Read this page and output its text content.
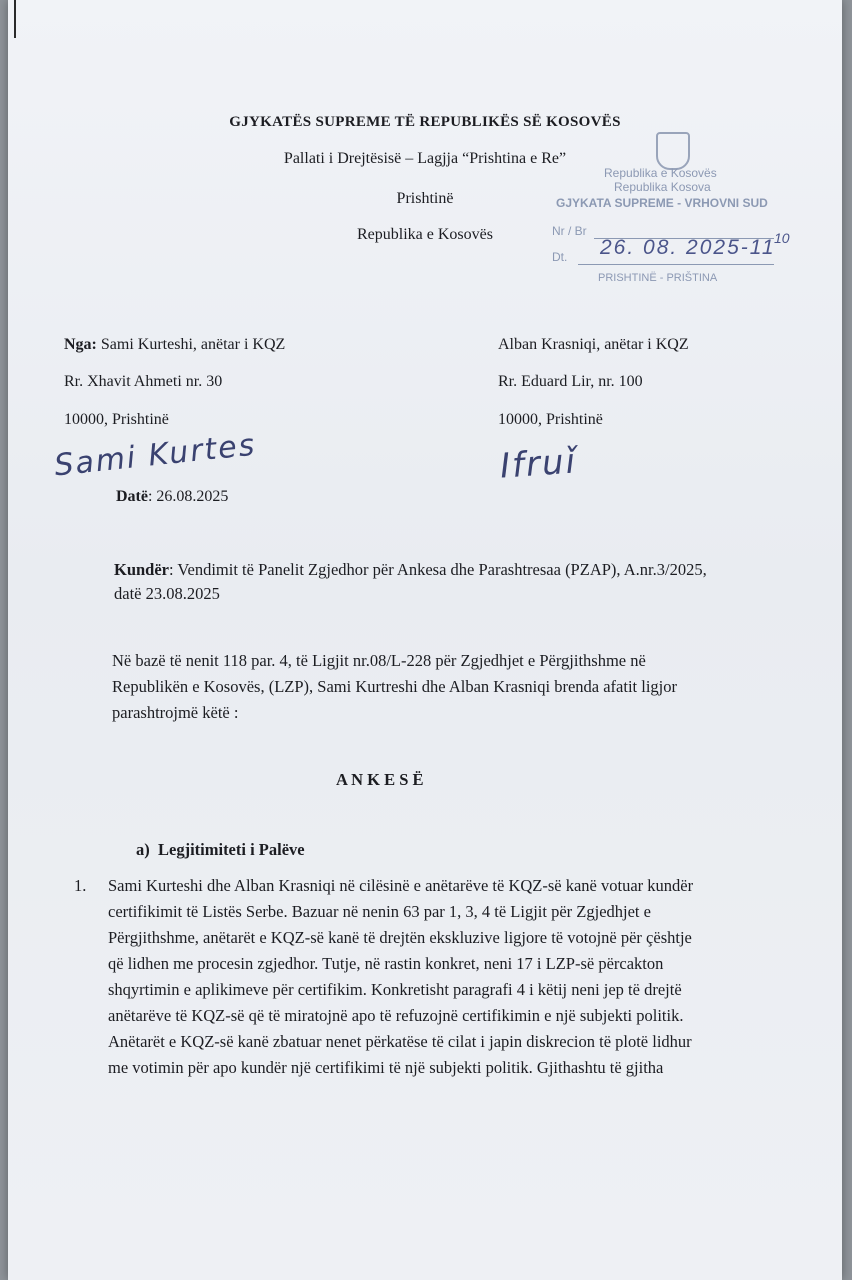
GJYKATËS SUPREME TË REPUBLIKËS SË KOSOVËS
Pallati i Drejtësisë – Lagjja “Prishtina e Re”
Prishtinë
Republika e Kosovës
Republika e Kosovës
Republika Kosova
GJYKATA SUPREME - VRHOVNI SUD
Nr / Br
Dt. 26. 08. 2025-11
10
PRISHTINË - PRIŠTINA
Nga: Sami Kurteshi, anëtar i KQZ
Rr. Xhavit Ahmeti nr. 30
10000, Prishtinë
Sami Kurtes
Datë: 26.08.2025
Alban Krasniqi, anëtar i KQZ
Rr. Eduard Lir, nr. 100
10000, Prishtinë
Ifruǐ
Kundër: Vendimit të Panelit Zgjedhor për Ankesa dhe Parashtresaa (PZAP), A.nr.3/2025,
datë 23.08.2025
Në bazë të nenit 118 par. 4, të Ligjit nr.08/L-228 për Zgjedhjet e Përgjithshme në
Republikën e Kosovës, (LZP), Sami Kurtreshi dhe Alban Krasniqi brenda afatit ligjor
parashtrojmë këtë :
A N K E S Ë
a) Legjitimiteti i Palëve
1. Sami Kurteshi dhe Alban Krasniqi në cilësinë e anëtarëve të KQZ-së kanë votuar kundër
certifikimit të Listës Serbe. Bazuar në nenin 63 par 1, 3, 4 të Ligjit për Zgjedhjet e
Përgjithshme, anëtarët e KQZ-së kanë të drejtën ekskluzive ligjore të votojnë për çështje
që lidhen me procesin zgjedhor. Tutje, në rastin konkret, neni 17 i LZP-së përcakton
shqyrtimin e aplikimeve për certifikim. Konkretisht paragrafi 4 i këtij neni jep të drejtë
anëtarëve të KQZ-së që të miratojnë apo të refuzojnë certifikimin e një subjekti politik.
Anëtarët e KQZ-së kanë zbatuar nenet përkatëse të cilat i japin diskrecion të plotë lidhur
me votimin për apo kundër një certifikimi të një subjekti politik. Gjithashtu të gjitha
